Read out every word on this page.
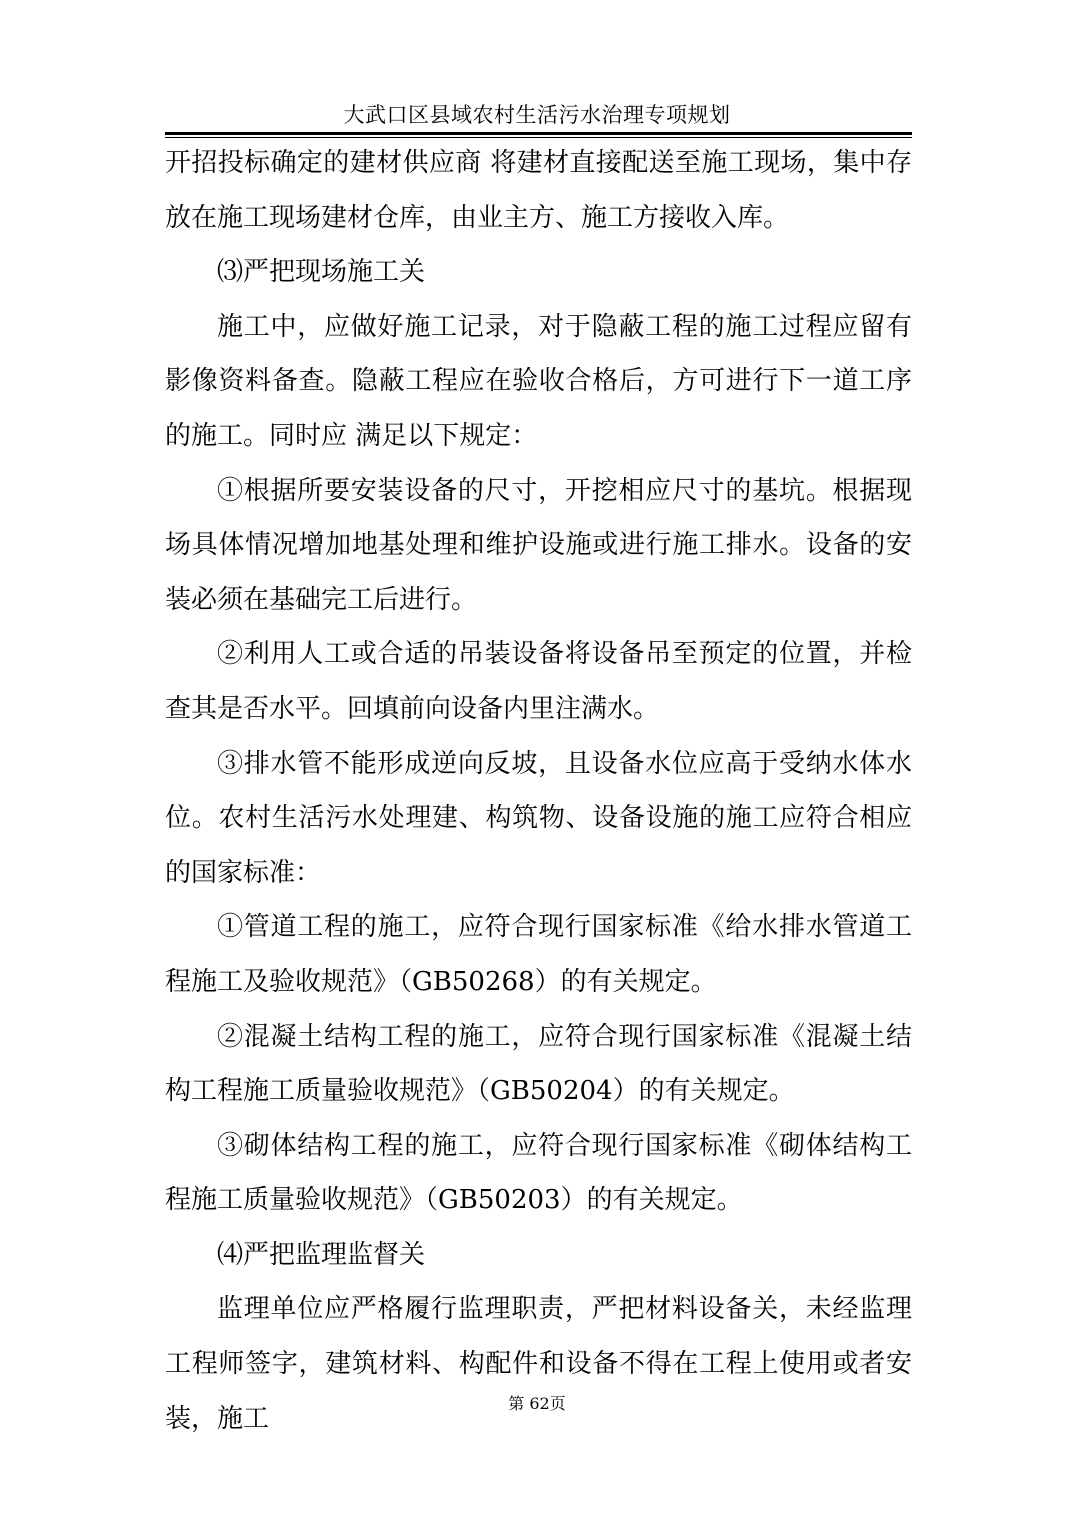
大武口区县域农村生活污水治理专项规划

开招投标确定的建材供应商 将建材直接配送至施工现场，集中存放在施工现场建材仓库，由业主方、施工方接收入库。

⑶严把现场施工关

施工中，应做好施工记录，对于隐蔽工程的施工过程应留有影像资料备查。隐蔽工程应在验收合格后，方可进行下一道工序的施工。同时应 满足以下规定：

①根据所要安装设备的尺寸，开挖相应尺寸的基坑。根据现场具体情况增加地基处理和维护设施或进行施工排水。设备的安装必须在基础完工后进行。

②利用人工或合适的吊装设备将设备吊至预定的位置，并检查其是否水平。回填前向设备内里注满水。

③排水管不能形成逆向反坡，且设备水位应高于受纳水体水位。农村生活污水处理建、构筑物、设备设施的施工应符合相应的国家标准：

①管道工程的施工，应符合现行国家标准《给水排水管道工程施工及验收规范》（GB50268）的有关规定。

②混凝土结构工程的施工，应符合现行国家标准《混凝土结构工程施工质量验收规范》（GB50204）的有关规定。

③砌体结构工程的施工，应符合现行国家标准《砌体结构工程施工质量验收规范》（GB50203）的有关规定。

⑷严把监理监督关

监理单位应严格履行监理职责，严把材料设备关，未经监理工程师签字，建筑材料、构配件和设备不得在工程上使用或者安装，施工

第 62页
